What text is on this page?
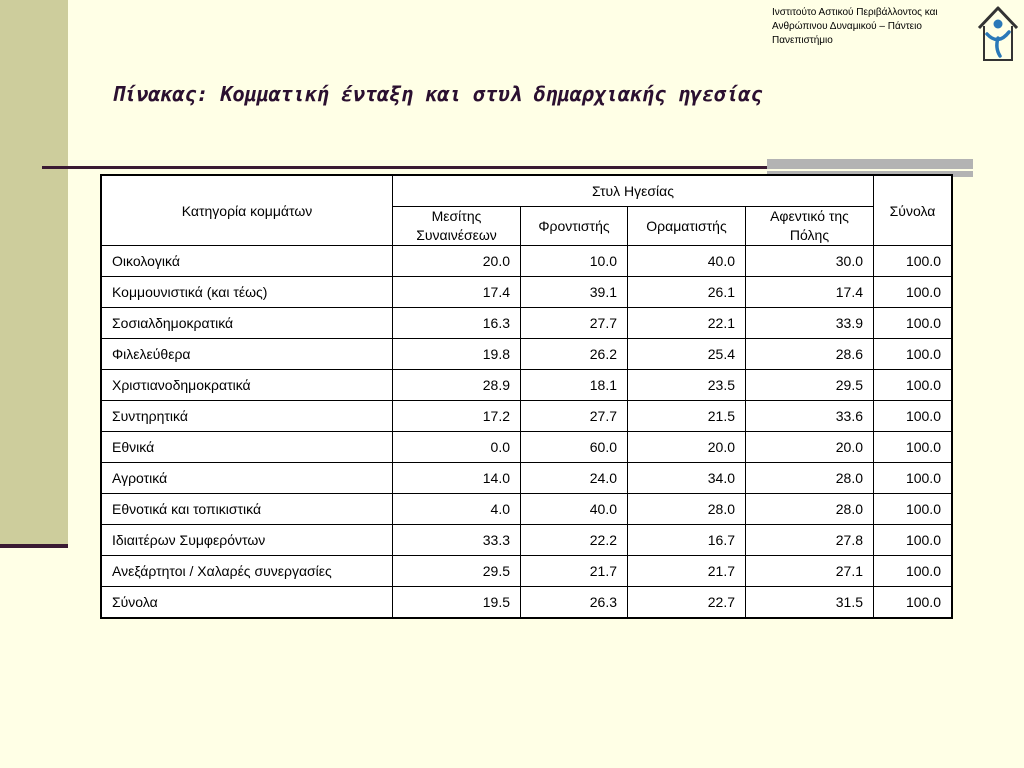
Ινστιτούτο Αστικού Περιβάλλοντος και
Ανθρώπινου Δυναμικού – Πάντειο
Πανεπιστήμιο
Πίνακας: Κομματική ένταξη και στυλ δημαρχιακής ηγεσίας
Κατηγορία κομμάτων	Στυλ Ηγεσίας				Σύνολα
	Μεσίτης Συναινέσεων	Φροντιστής	Οραματιστής	Αφεντικό της Πόλης	
Οικολογικά	20.0	10.0	40.0	30.0	100.0
Κομμουνιστικά (και τέως)	17.4	39.1	26.1	17.4	100.0
Σοσιαλδημοκρατικά	16.3	27.7	22.1	33.9	100.0
Φιλελεύθερα	19.8	26.2	25.4	28.6	100.0
Χριστιανοδημοκρατικά	28.9	18.1	23.5	29.5	100.0
Συντηρητικά	17.2	27.7	21.5	33.6	100.0
Εθνικά	0.0	60.0	20.0	20.0	100.0
Αγροτικά	14.0	24.0	34.0	28.0	100.0
Εθνοτικά και τοπικιστικά	4.0	40.0	28.0	28.0	100.0
Ιδιαιτέρων Συμφερόντων	33.3	22.2	16.7	27.8	100.0
Ανεξάρτητοι / Χαλαρές συνεργασίες	29.5	21.7	21.7	27.1	100.0
Σύνολα	19.5	26.3	22.7	31.5	100.0
